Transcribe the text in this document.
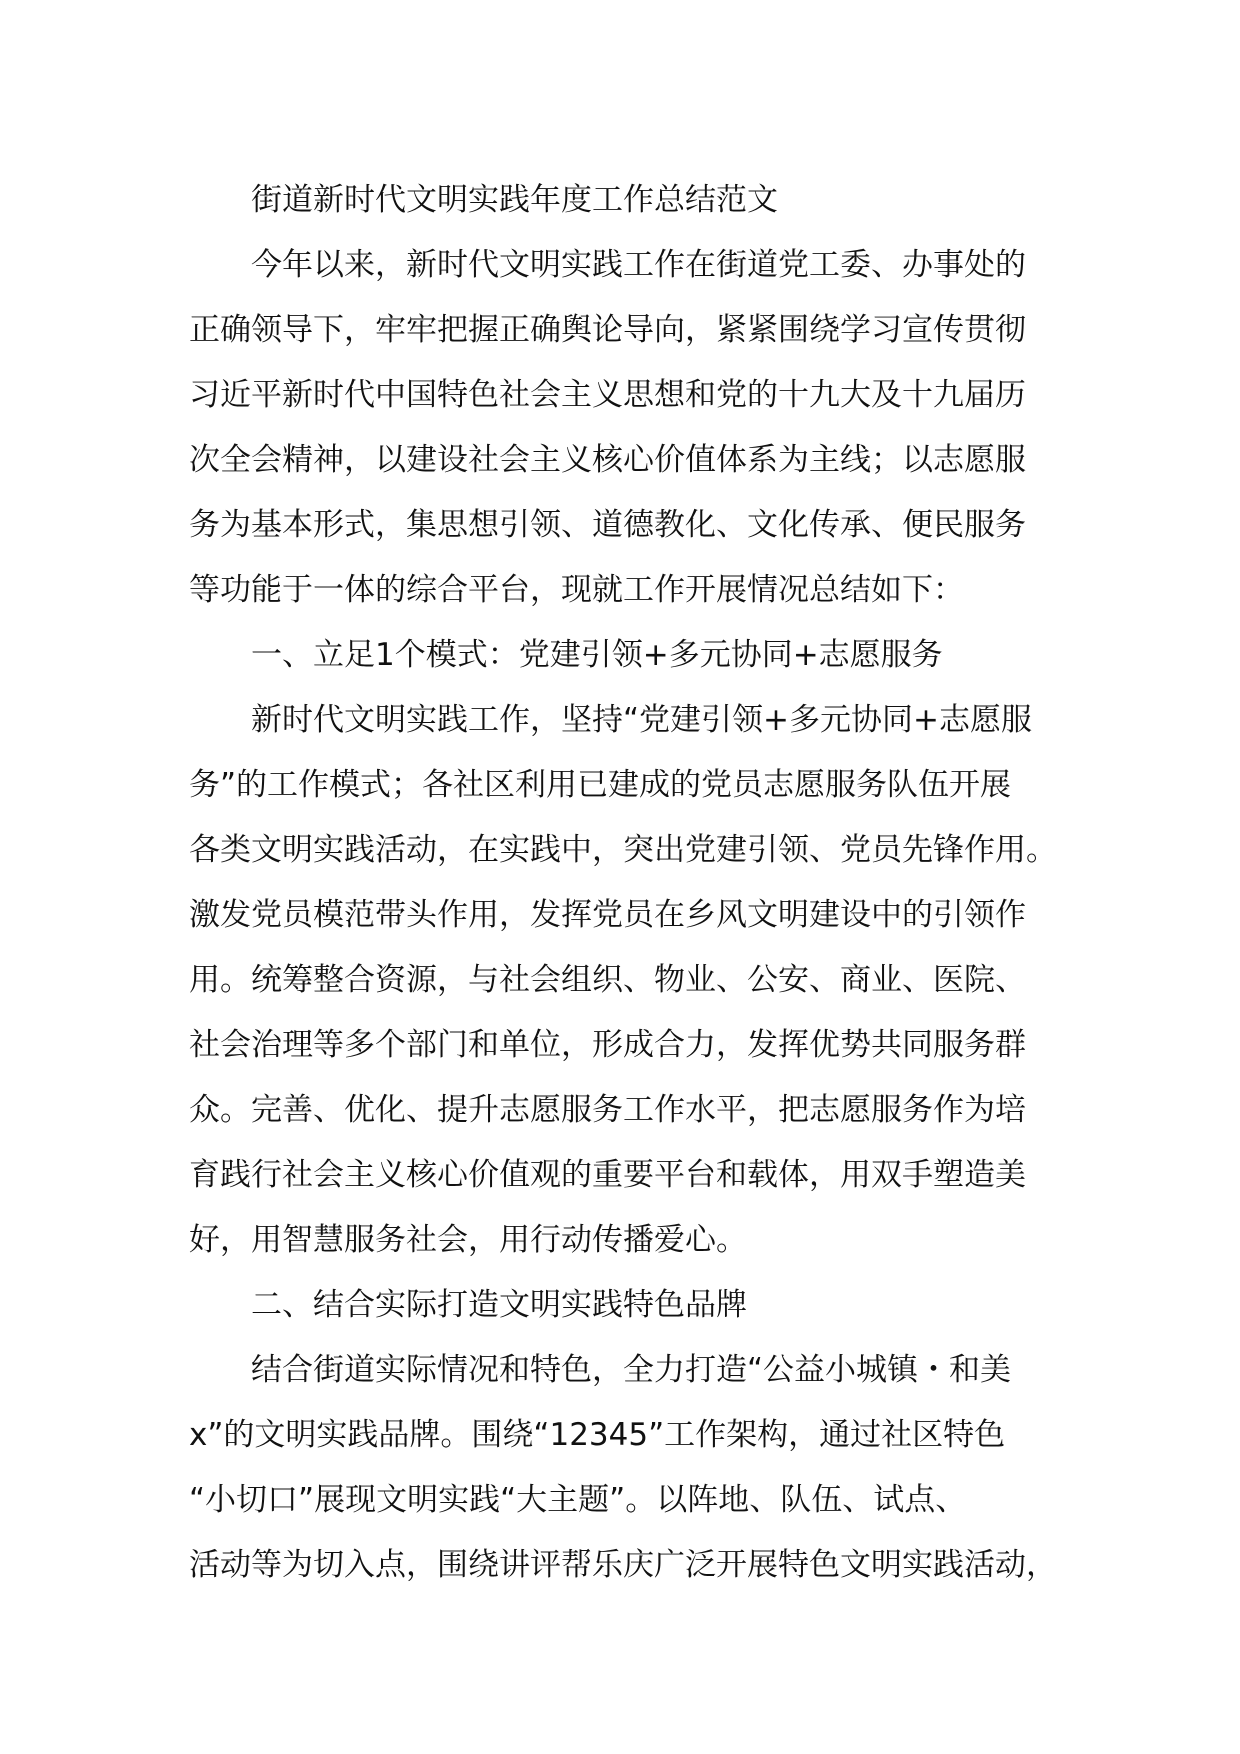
街道新时代文明实践年度工作总结范文
今年以来，新时代文明实践工作在街道党工委、办事处的
正确领导下，牢牢把握正确舆论导向，紧紧围绕学习宣传贯彻
习近平新时代中国特色社会主义思想和党的十九大及十九届历
次全会精神，以建设社会主义核心价值体系为主线；以志愿服
务为基本形式，集思想引领、道德教化、文化传承、便民服务
等功能于一体的综合平台，现就工作开展情况总结如下：
一、立足1个模式：党建引领+多元协同+志愿服务
新时代文明实践工作，坚持“党建引领+多元协同+志愿服
务”的工作模式；各社区利用已建成的党员志愿服务队伍开展
各类文明实践活动，在实践中，突出党建引领、党员先锋作用。
激发党员模范带头作用，发挥党员在乡风文明建设中的引领作
用。统筹整合资源，与社会组织、物业、公安、商业、医院、
社会治理等多个部门和单位，形成合力，发挥优势共同服务群
众。完善、优化、提升志愿服务工作水平，把志愿服务作为培
育践行社会主义核心价值观的重要平台和载体，用双手塑造美
好，用智慧服务社会，用行动传播爱心。
二、结合实际打造文明实践特色品牌
结合街道实际情况和特色，全力打造“公益小城镇・和美
x”的文明实践品牌。围绕“12345”工作架构，通过社区特色
“小切口”展现文明实践“大主题”。以阵地、队伍、试点、
活动等为切入点，围绕讲评帮乐庆广泛开展特色文明实践活动，
